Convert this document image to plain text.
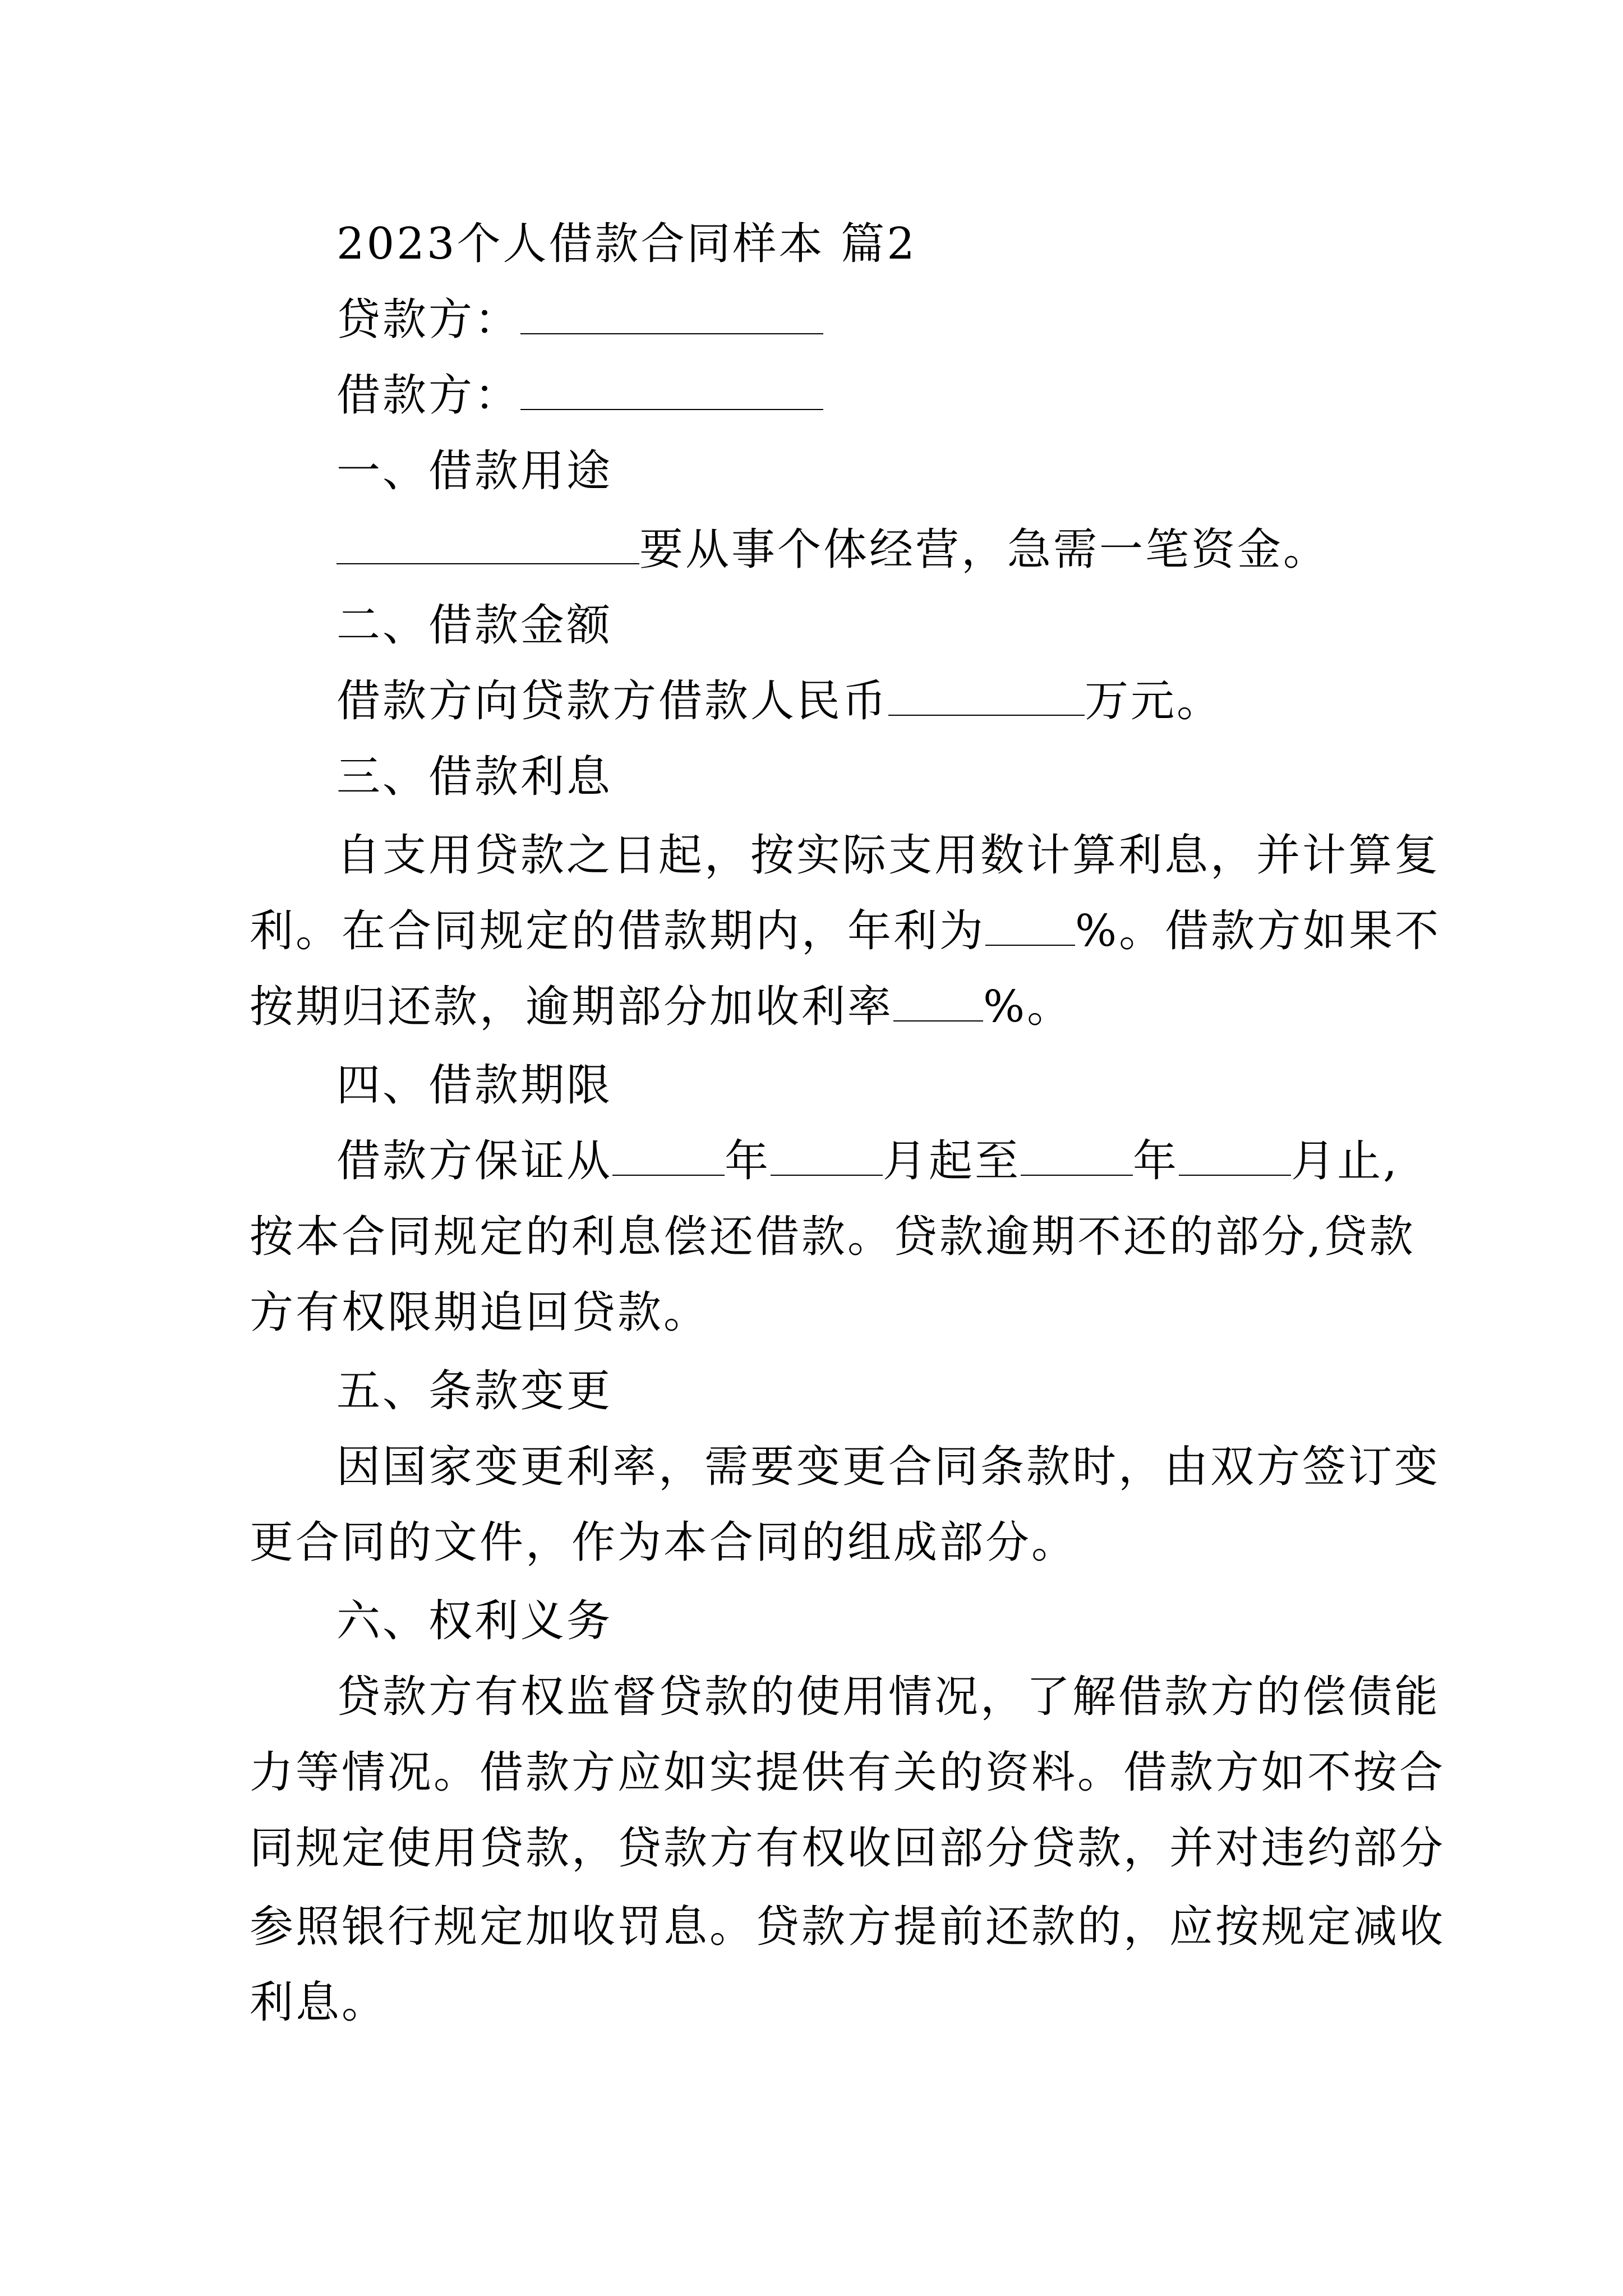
2023个人借款合同样本 篇2
贷款方：
借款方：
一、借款用途
要从事个体经营，急需一笔资金。
二、借款金额
借款方向贷款方借款人民币	万元。
三、借款利息
自支用贷款之日起，按实际支用数计算利息，并计算复
利。在合同规定的借款期内，年利为 %。借款方如果不
按期归还款，逾期部分加收利率 %。
四、借款期限
借款方保证从	年	月起至	年	月止,
按本合同规定的利息偿还借款。贷款逾期不还的部分,贷款
方有权限期追回贷款。
五、条款变更
因国家变更利率，需要变更合同条款时，由双方签订变
更合同的文件，作为本合同的组成部分。
六、权利义务
贷款方有权监督贷款的使用情况，了解借款方的偿债能
力等情况。借款方应如实提供有关的资料。借款方如不按合
同规定使用贷款，贷款方有权收回部分贷款，并对违约部分
参照银行规定加收罚息。贷款方提前还款的，应按规定减收
利息。
